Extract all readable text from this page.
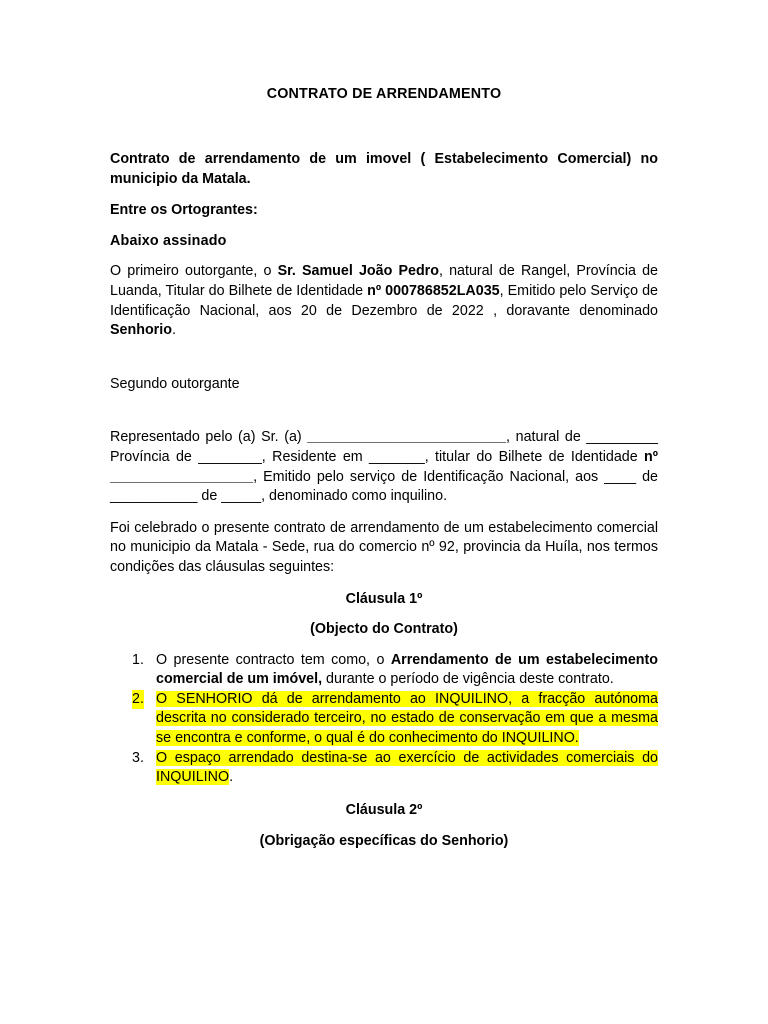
CONTRATO DE ARRENDAMENTO

Contrato de arrendamento de um imovel ( Estabelecimento Comercial) no municipio da Matala.

Entre os Ortograntes:

Abaixo assinado

O primeiro outorgante, o Sr. Samuel João Pedro, natural de Rangel, Província de Luanda, Titular do Bilhete de Identidade nº 000786852LA035, Emitido pelo Serviço de Identificação Nacional, aos 20 de Dezembro de 2022 , doravante denominado Senhorio.

Segundo outorgante

Representado pelo (a) Sr. (a) _________________________, natural de _________ Província de ________, Residente em _______, titular do Bilhete de Identidade nº __________________, Emitido pelo serviço de Identificação Nacional, aos ____ de ___________ de _____, denominado como inquilino.

Foi celebrado o presente contrato de arrendamento de um estabelecimento comercial no municipio da Matala - Sede, rua do comercio nº 92, provincia da Huíla, nos termos condições das cláusulas seguintes:

Cláusula 1º

(Objecto do Contrato)

1. O presente contracto tem como, o Arrendamento de um estabelecimento comercial de um imóvel, durante o período de vigência deste contrato.
2. O SENHORIO dá de arrendamento ao INQUILINO, a fracção autónoma descrita no considerado terceiro, no estado de conservação em que a mesma se encontra e conforme, o qual é do conhecimento do INQUILINO.
3. O espaço arrendado destina-se ao exercício de actividades comerciais do INQUILINO.

Cláusula 2º

(Obrigação específicas do Senhorio)
